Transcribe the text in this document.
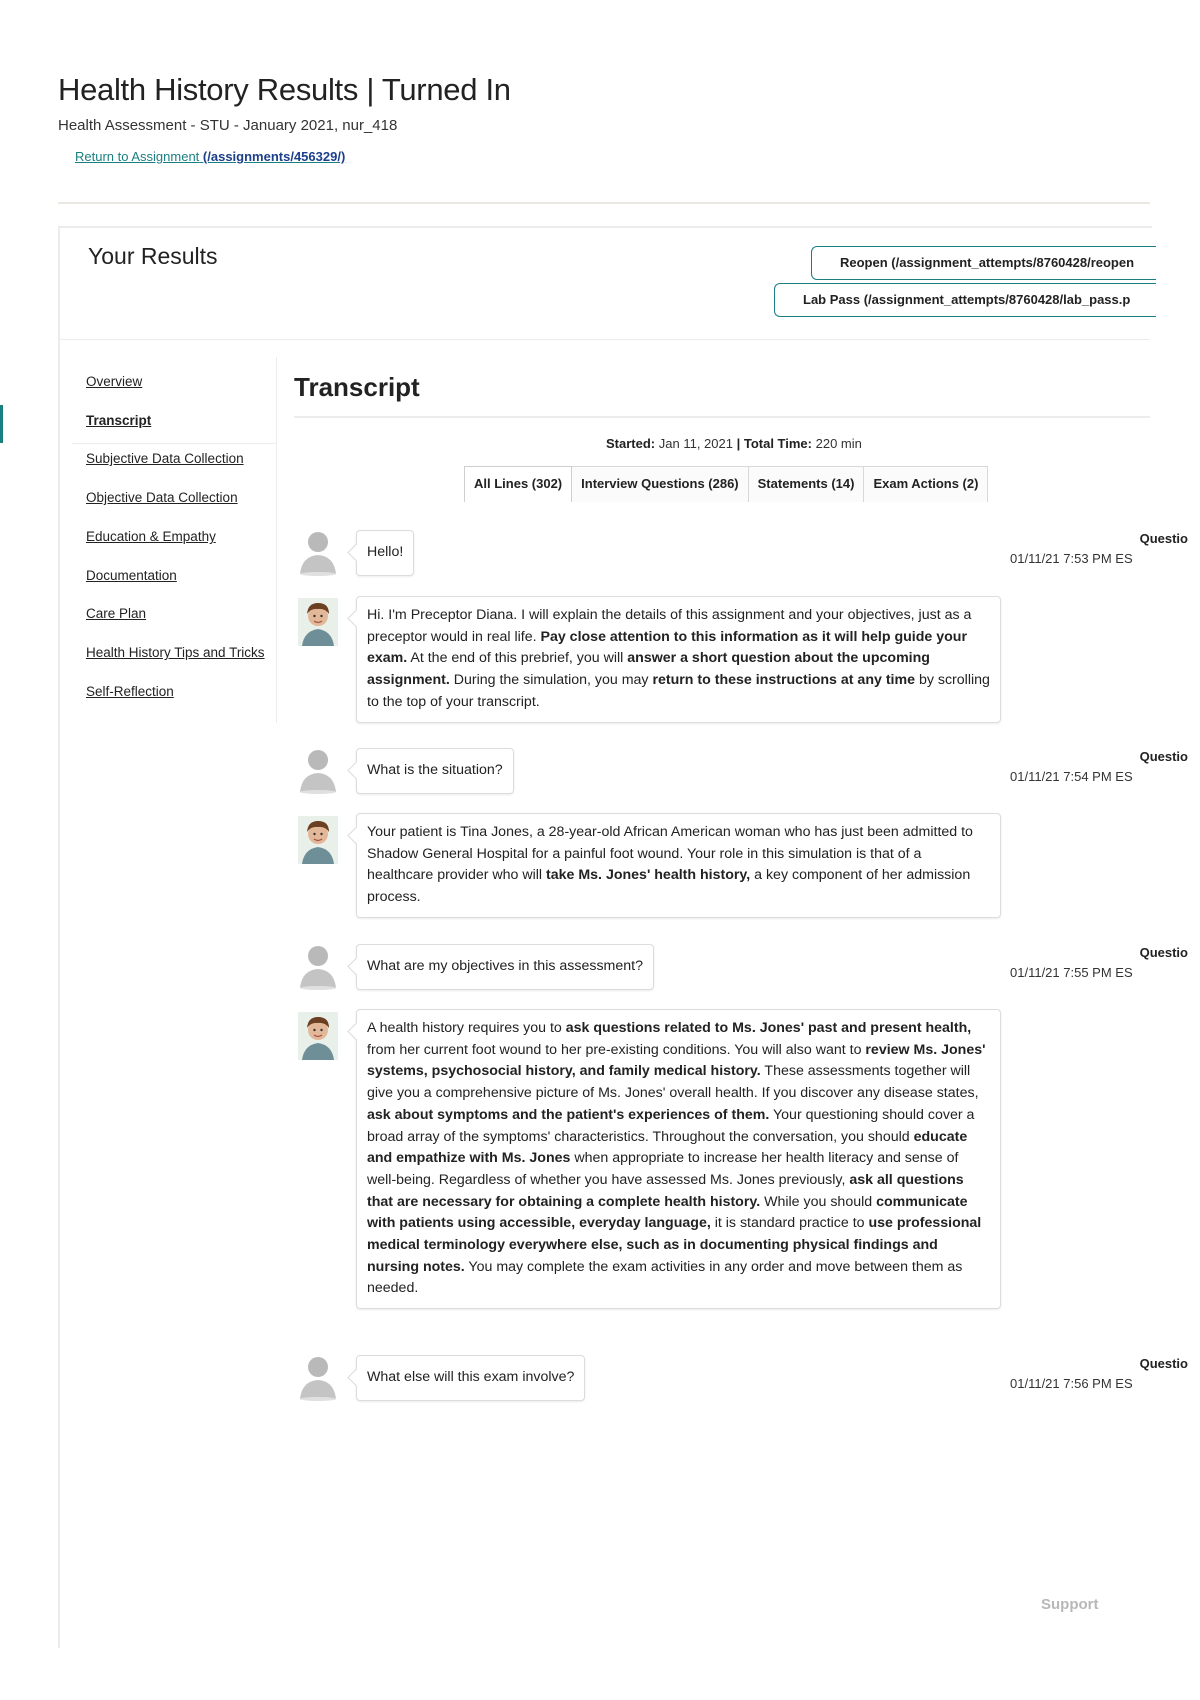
Health History Results | Turned In
Health Assessment - STU - January 2021, nur_418
Return to Assignment (/assignments/456329/)
Your Results	Reopen (/assignment_attempts/8760428/reopen
Lab Pass (/assignment_attempts/8760428/lab_pass.p
Overview
Transcript
Subjective Data Collection
Objective Data Collection
Education & Empathy
Documentation
Care Plan
Health History Tips and Tricks
Self-Reflection
Transcript
Started: Jan 11, 2021 | Total Time: 220 min
All Lines (302)	Interview Questions (286)	Statements (14)	Exam Actions (2)
Hello!
Questio
01/11/21 7:53 PM ES
Hi. I'm Preceptor Diana. I will explain the details of this assignment and your objectives, just as a preceptor would in real life. Pay close attention to this information as it will help guide your exam. At the end of this prebrief, you will answer a short question about the upcoming assignment. During the simulation, you may return to these instructions at any time by scrolling to the top of your transcript.
What is the situation?
Questio
01/11/21 7:54 PM ES
Your patient is Tina Jones, a 28-year-old African American woman who has just been admitted to Shadow General Hospital for a painful foot wound. Your role in this simulation is that of a healthcare provider who will take Ms. Jones' health history, a key component of her admission process.
What are my objectives in this assessment?
Questio
01/11/21 7:55 PM ES
A health history requires you to ask questions related to Ms. Jones' past and present health, from her current foot wound to her pre-existing conditions. You will also want to review Ms. Jones' systems, psychosocial history, and family medical history. These assessments together will give you a comprehensive picture of Ms. Jones' overall health. If you discover any disease states, ask about symptoms and the patient's experiences of them. Your questioning should cover a broad array of the symptoms' characteristics. Throughout the conversation, you should educate and empathize with Ms. Jones when appropriate to increase her health literacy and sense of well-being. Regardless of whether you have assessed Ms. Jones previously, ask all questions that are necessary for obtaining a complete health history. While you should communicate with patients using accessible, everyday language, it is standard practice to use professional medical terminology everywhere else, such as in documenting physical findings and nursing notes. You may complete the exam activities in any order and move between them as needed.
What else will this exam involve?
Questio
01/11/21 7:56 PM ES
Support
